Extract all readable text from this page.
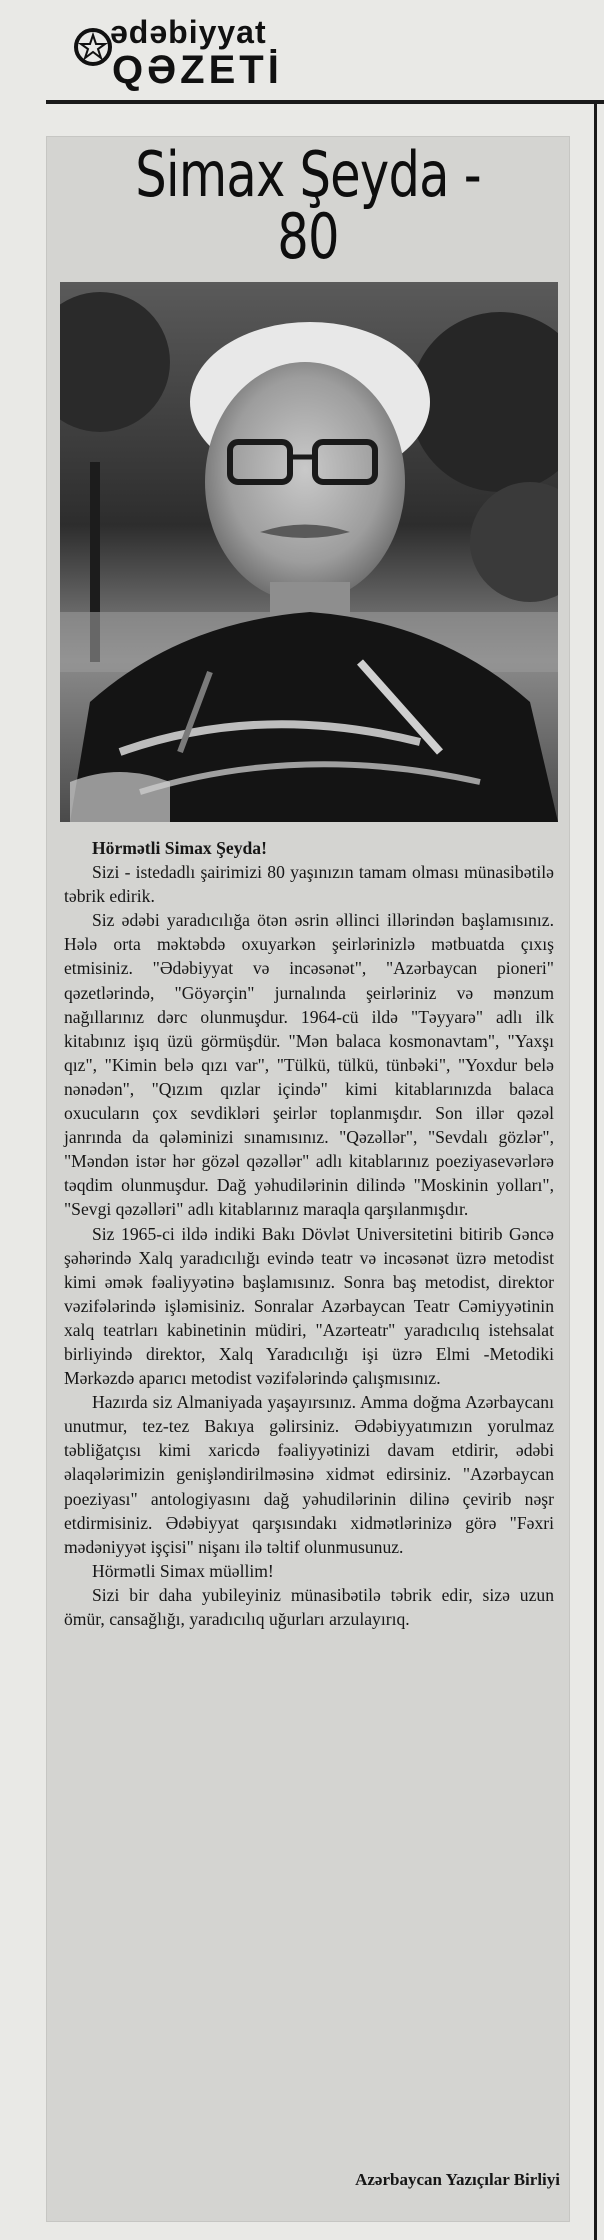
ədəbiyyat
QƏZETİ
Simax Şeyda - 80

Hörmətli Simax Şeyda!

Sizi - istedadlı şairimizi 80 yaşınızın tamam olması münasibətilə təbrik edirik.

Siz ədəbi yaradıcılığa ötən əsrin əllinci illərindən başlamısınız. Hələ orta məktəbdə oxuyarkən şeirlərinizlə mətbuatda çıxış etmisiniz. "Ədəbiyyat və incəsənət", "Azərbaycan pioneri" qəzetlərində, "Göyərçin" jurnalında şeirləriniz və mənzum nağıllarınız dərc olunmuşdur. 1964-cü ildə "Təyyarə" adlı ilk kitabınız işıq üzü görmüşdür. "Mən balaca kosmonavtam", "Yaxşı qız", "Kimin belə qızı var", "Tülkü, tülkü, tünbəki", "Yoxdur belə nənədən", "Qızım qızlar içində" kimi kitablarınızda balaca oxucuların çox sevdikləri şeirlər toplanmışdır. Son illər qəzəl janrında da qələminizi sınamısınız. "Qəzəllər", "Sevdalı gözlər", "Məndən istər hər gözəl qəzəllər" adlı kitablarınız poeziyasevərlərə təqdim olunmuşdur. Dağ yəhudilərinin dilində "Moskinin yolları", "Sevgi qəzəlləri" adlı kitablarınız maraqla qarşılanmışdır.

Siz 1965-ci ildə indiki Bakı Dövlət Universitetini bitirib Gəncə şəhərində Xalq yaradıcılığı evində teatr və incəsənət üzrə metodist kimi əmək fəaliyyətinə başlamısınız. Sonra baş metodist, direktor vəzifələrində işləmisiniz. Sonralar Azərbaycan Teatr Cəmiyyətinin xalq teatrları kabinetinin müdiri, "Azərteatr" yaradıcılıq istehsalat birliyində direktor, Xalq Yaradıcılığı işi üzrə Elmi -Metodiki Mərkəzdə aparıcı metodist vəzifələrində çalışmısınız.

Hazırda siz Almaniyada yaşayırsınız. Amma doğma Azərbaycanı unutmur, tez-tez Bakıya gəlirsiniz. Ədəbiyyatımızın yorulmaz təbliğatçısı kimi xaricdə fəaliyyətinizi davam etdirir, ədəbi əlaqələrimizin genişləndirilməsinə xidmət edirsiniz. "Azərbaycan poeziyası" antologiyasını dağ yəhudilərinin dilinə çevirib nəşr etdirmisiniz. Ədəbiyyat qarşısındakı xidmətlərinizə görə "Fəxri mədəniyyət işçisi" nişanı ilə təltif olunmusunuz.

Hörmətli Simax müəllim!

Sizi bir daha yubileyiniz münasibətilə təbrik edir, sizə uzun ömür, cansağlığı, yaradıcılıq uğurları arzulayırıq.

Azərbaycan Yazıçılar Birliyi
